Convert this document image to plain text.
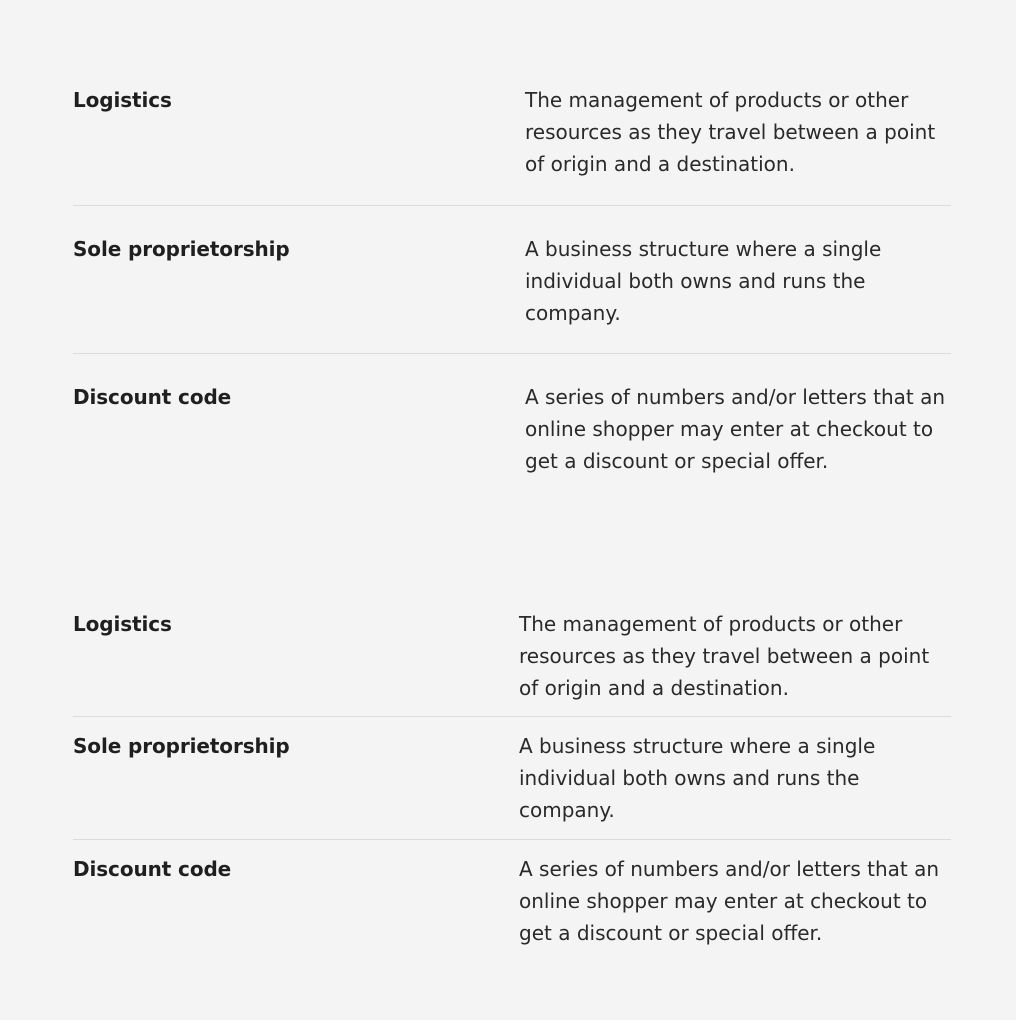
Logistics	The management of products or other resources as they travel between a point of origin and a destination.
Sole proprietorship	A business structure where a single individual both owns and runs the company.
Discount code	A series of numbers and/or letters that an online shopper may enter at checkout to get a discount or special offer.
Logistics	The management of products or other resources as they travel between a point of origin and a destination.
Sole proprietorship	A business structure where a single individual both owns and runs the company.
Discount code	A series of numbers and/or letters that an online shopper may enter at checkout to get a discount or special offer.
